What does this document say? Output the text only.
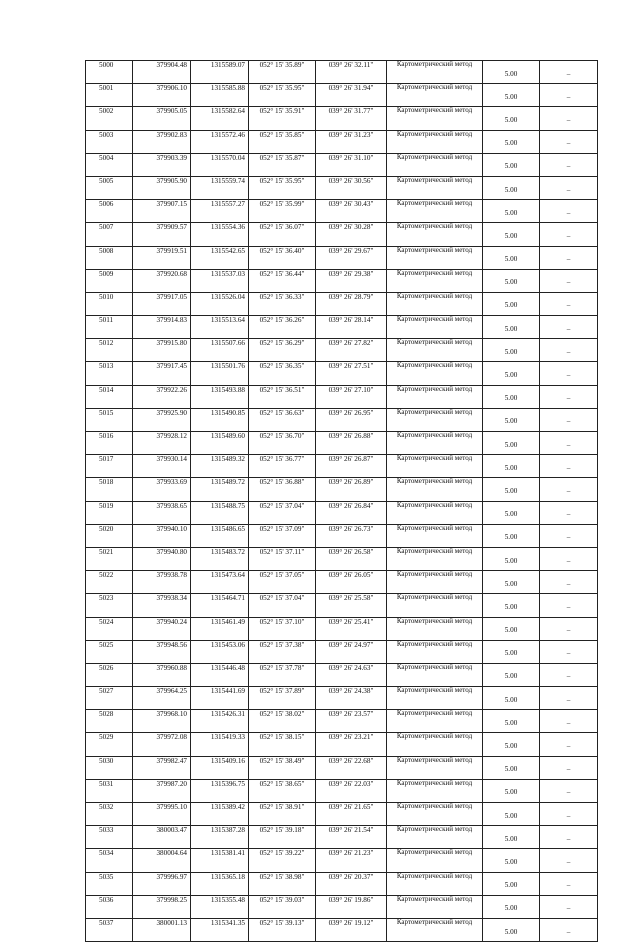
5000	379904.48	1315589.07	052° 15' 35.89"	039° 26' 32.11"	Картометрический метод	5.00	–
5001	379906.10	1315585.88	052° 15' 35.95"	039° 26' 31.94"	Картометрический метод	5.00	–
5002	379905.05	1315582.64	052° 15' 35.91"	039° 26' 31.77"	Картометрический метод	5.00	–
5003	379902.83	1315572.46	052° 15' 35.85"	039° 26' 31.23"	Картометрический метод	5.00	–
5004	379903.39	1315570.04	052° 15' 35.87"	039° 26' 31.10"	Картометрический метод	5.00	–
5005	379905.90	1315559.74	052° 15' 35.95"	039° 26' 30.56"	Картометрический метод	5.00	–
5006	379907.15	1315557.27	052° 15' 35.99"	039° 26' 30.43"	Картометрический метод	5.00	–
5007	379909.57	1315554.36	052° 15' 36.07"	039° 26' 30.28"	Картометрический метод	5.00	–
5008	379919.51	1315542.65	052° 15' 36.40"	039° 26' 29.67"	Картометрический метод	5.00	–
5009	379920.68	1315537.03	052° 15' 36.44"	039° 26' 29.38"	Картометрический метод	5.00	–
5010	379917.05	1315526.04	052° 15' 36.33"	039° 26' 28.79"	Картометрический метод	5.00	–
5011	379914.83	1315513.64	052° 15' 36.26"	039° 26' 28.14"	Картометрический метод	5.00	–
5012	379915.80	1315507.66	052° 15' 36.29"	039° 26' 27.82"	Картометрический метод	5.00	–
5013	379917.45	1315501.76	052° 15' 36.35"	039° 26' 27.51"	Картометрический метод	5.00	–
5014	379922.26	1315493.88	052° 15' 36.51"	039° 26' 27.10"	Картометрический метод	5.00	–
5015	379925.90	1315490.85	052° 15' 36.63"	039° 26' 26.95"	Картометрический метод	5.00	–
5016	379928.12	1315489.60	052° 15' 36.70"	039° 26' 26.88"	Картометрический метод	5.00	–
5017	379930.14	1315489.32	052° 15' 36.77"	039° 26' 26.87"	Картометрический метод	5.00	–
5018	379933.69	1315489.72	052° 15' 36.88"	039° 26' 26.89"	Картометрический метод	5.00	–
5019	379938.65	1315488.75	052° 15' 37.04"	039° 26' 26.84"	Картометрический метод	5.00	–
5020	379940.10	1315486.65	052° 15' 37.09"	039° 26' 26.73"	Картометрический метод	5.00	–
5021	379940.80	1315483.72	052° 15' 37.11"	039° 26' 26.58"	Картометрический метод	5.00	–
5022	379938.78	1315473.64	052° 15' 37.05"	039° 26' 26.05"	Картометрический метод	5.00	–
5023	379938.34	1315464.71	052° 15' 37.04"	039° 26' 25.58"	Картометрический метод	5.00	–
5024	379940.24	1315461.49	052° 15' 37.10"	039° 26' 25.41"	Картометрический метод	5.00	–
5025	379948.56	1315453.06	052° 15' 37.38"	039° 26' 24.97"	Картометрический метод	5.00	–
5026	379960.88	1315446.48	052° 15' 37.78"	039° 26' 24.63"	Картометрический метод	5.00	–
5027	379964.25	1315441.69	052° 15' 37.89"	039° 26' 24.38"	Картометрический метод	5.00	–
5028	379968.10	1315426.31	052° 15' 38.02"	039° 26' 23.57"	Картометрический метод	5.00	–
5029	379972.08	1315419.33	052° 15' 38.15"	039° 26' 23.21"	Картометрический метод	5.00	–
5030	379982.47	1315409.16	052° 15' 38.49"	039° 26' 22.68"	Картометрический метод	5.00	–
5031	379987.20	1315396.75	052° 15' 38.65"	039° 26' 22.03"	Картометрический метод	5.00	–
5032	379995.10	1315389.42	052° 15' 38.91"	039° 26' 21.65"	Картометрический метод	5.00	–
5033	380003.47	1315387.28	052° 15' 39.18"	039° 26' 21.54"	Картометрический метод	5.00	–
5034	380004.64	1315381.41	052° 15' 39.22"	039° 26' 21.23"	Картометрический метод	5.00	–
5035	379996.97	1315365.18	052° 15' 38.98"	039° 26' 20.37"	Картометрический метод	5.00	–
5036	379998.25	1315355.48	052° 15' 39.03"	039° 26' 19.86"	Картометрический метод	5.00	–
5037	380001.13	1315341.35	052° 15' 39.13"	039° 26' 19.12"	Картометрический метод	5.00	–
